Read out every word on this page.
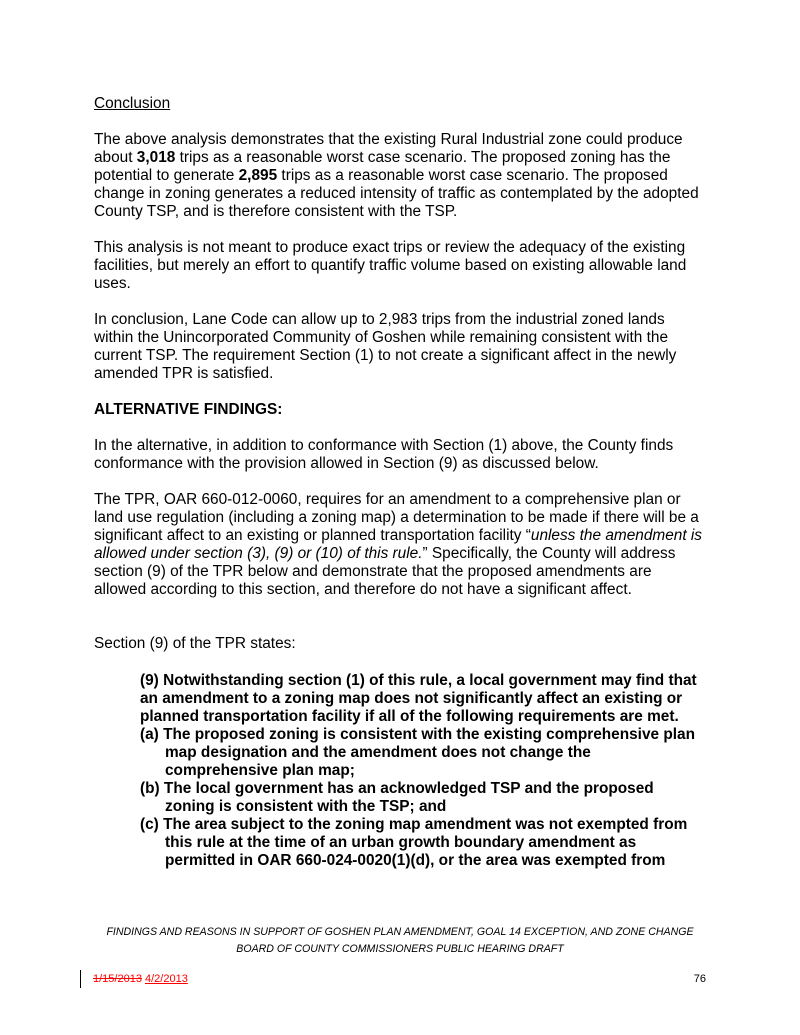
Conclusion

The above analysis demonstrates that the existing Rural Industrial zone could produce about 3,018 trips as a reasonable worst case scenario. The proposed zoning has the potential to generate 2,895 trips as a reasonable worst case scenario. The proposed change in zoning generates a reduced intensity of traffic as contemplated by the adopted County TSP, and is therefore consistent with the TSP.

This analysis is not meant to produce exact trips or review the adequacy of the existing facilities, but merely an effort to quantify traffic volume based on existing allowable land uses.

In conclusion, Lane Code can allow up to 2,983 trips from the industrial zoned lands within the Unincorporated Community of Goshen while remaining consistent with the current TSP. The requirement Section (1) to not create a significant affect in the newly amended TPR is satisfied.

ALTERNATIVE FINDINGS:

In the alternative, in addition to conformance with Section (1) above, the County finds conformance with the provision allowed in Section (9) as discussed below.

The TPR, OAR 660-012-0060, requires for an amendment to a comprehensive plan or land use regulation (including a zoning map) a determination to be made if there will be a significant affect to an existing or planned transportation facility “unless the amendment is allowed under section (3), (9) or (10) of this rule.” Specifically, the County will address section (9) of the TPR below and demonstrate that the proposed amendments are allowed according to this section, and therefore do not have a significant affect.

Section (9) of the TPR states:

(9) Notwithstanding section (1) of this rule, a local government may find that an amendment to a zoning map does not significantly affect an existing or planned transportation facility if all of the following requirements are met.

(a) The proposed zoning is consistent with the existing comprehensive plan map designation and the amendment does not change the comprehensive plan map;

(b) The local government has an acknowledged TSP and the proposed zoning is consistent with the TSP; and

(c) The area subject to the zoning map amendment was not exempted from this rule at the time of an urban growth boundary amendment as permitted in OAR 660-024-0020(1)(d), or the area was exempted from

FINDINGS AND REASONS IN SUPPORT OF GOSHEN PLAN AMENDMENT, GOAL 14 EXCEPTION, AND ZONE CHANGE
BOARD OF COUNTY COMMISSIONERS PUBLIC HEARING DRAFT
1/15/2013 4/2/2013	76
